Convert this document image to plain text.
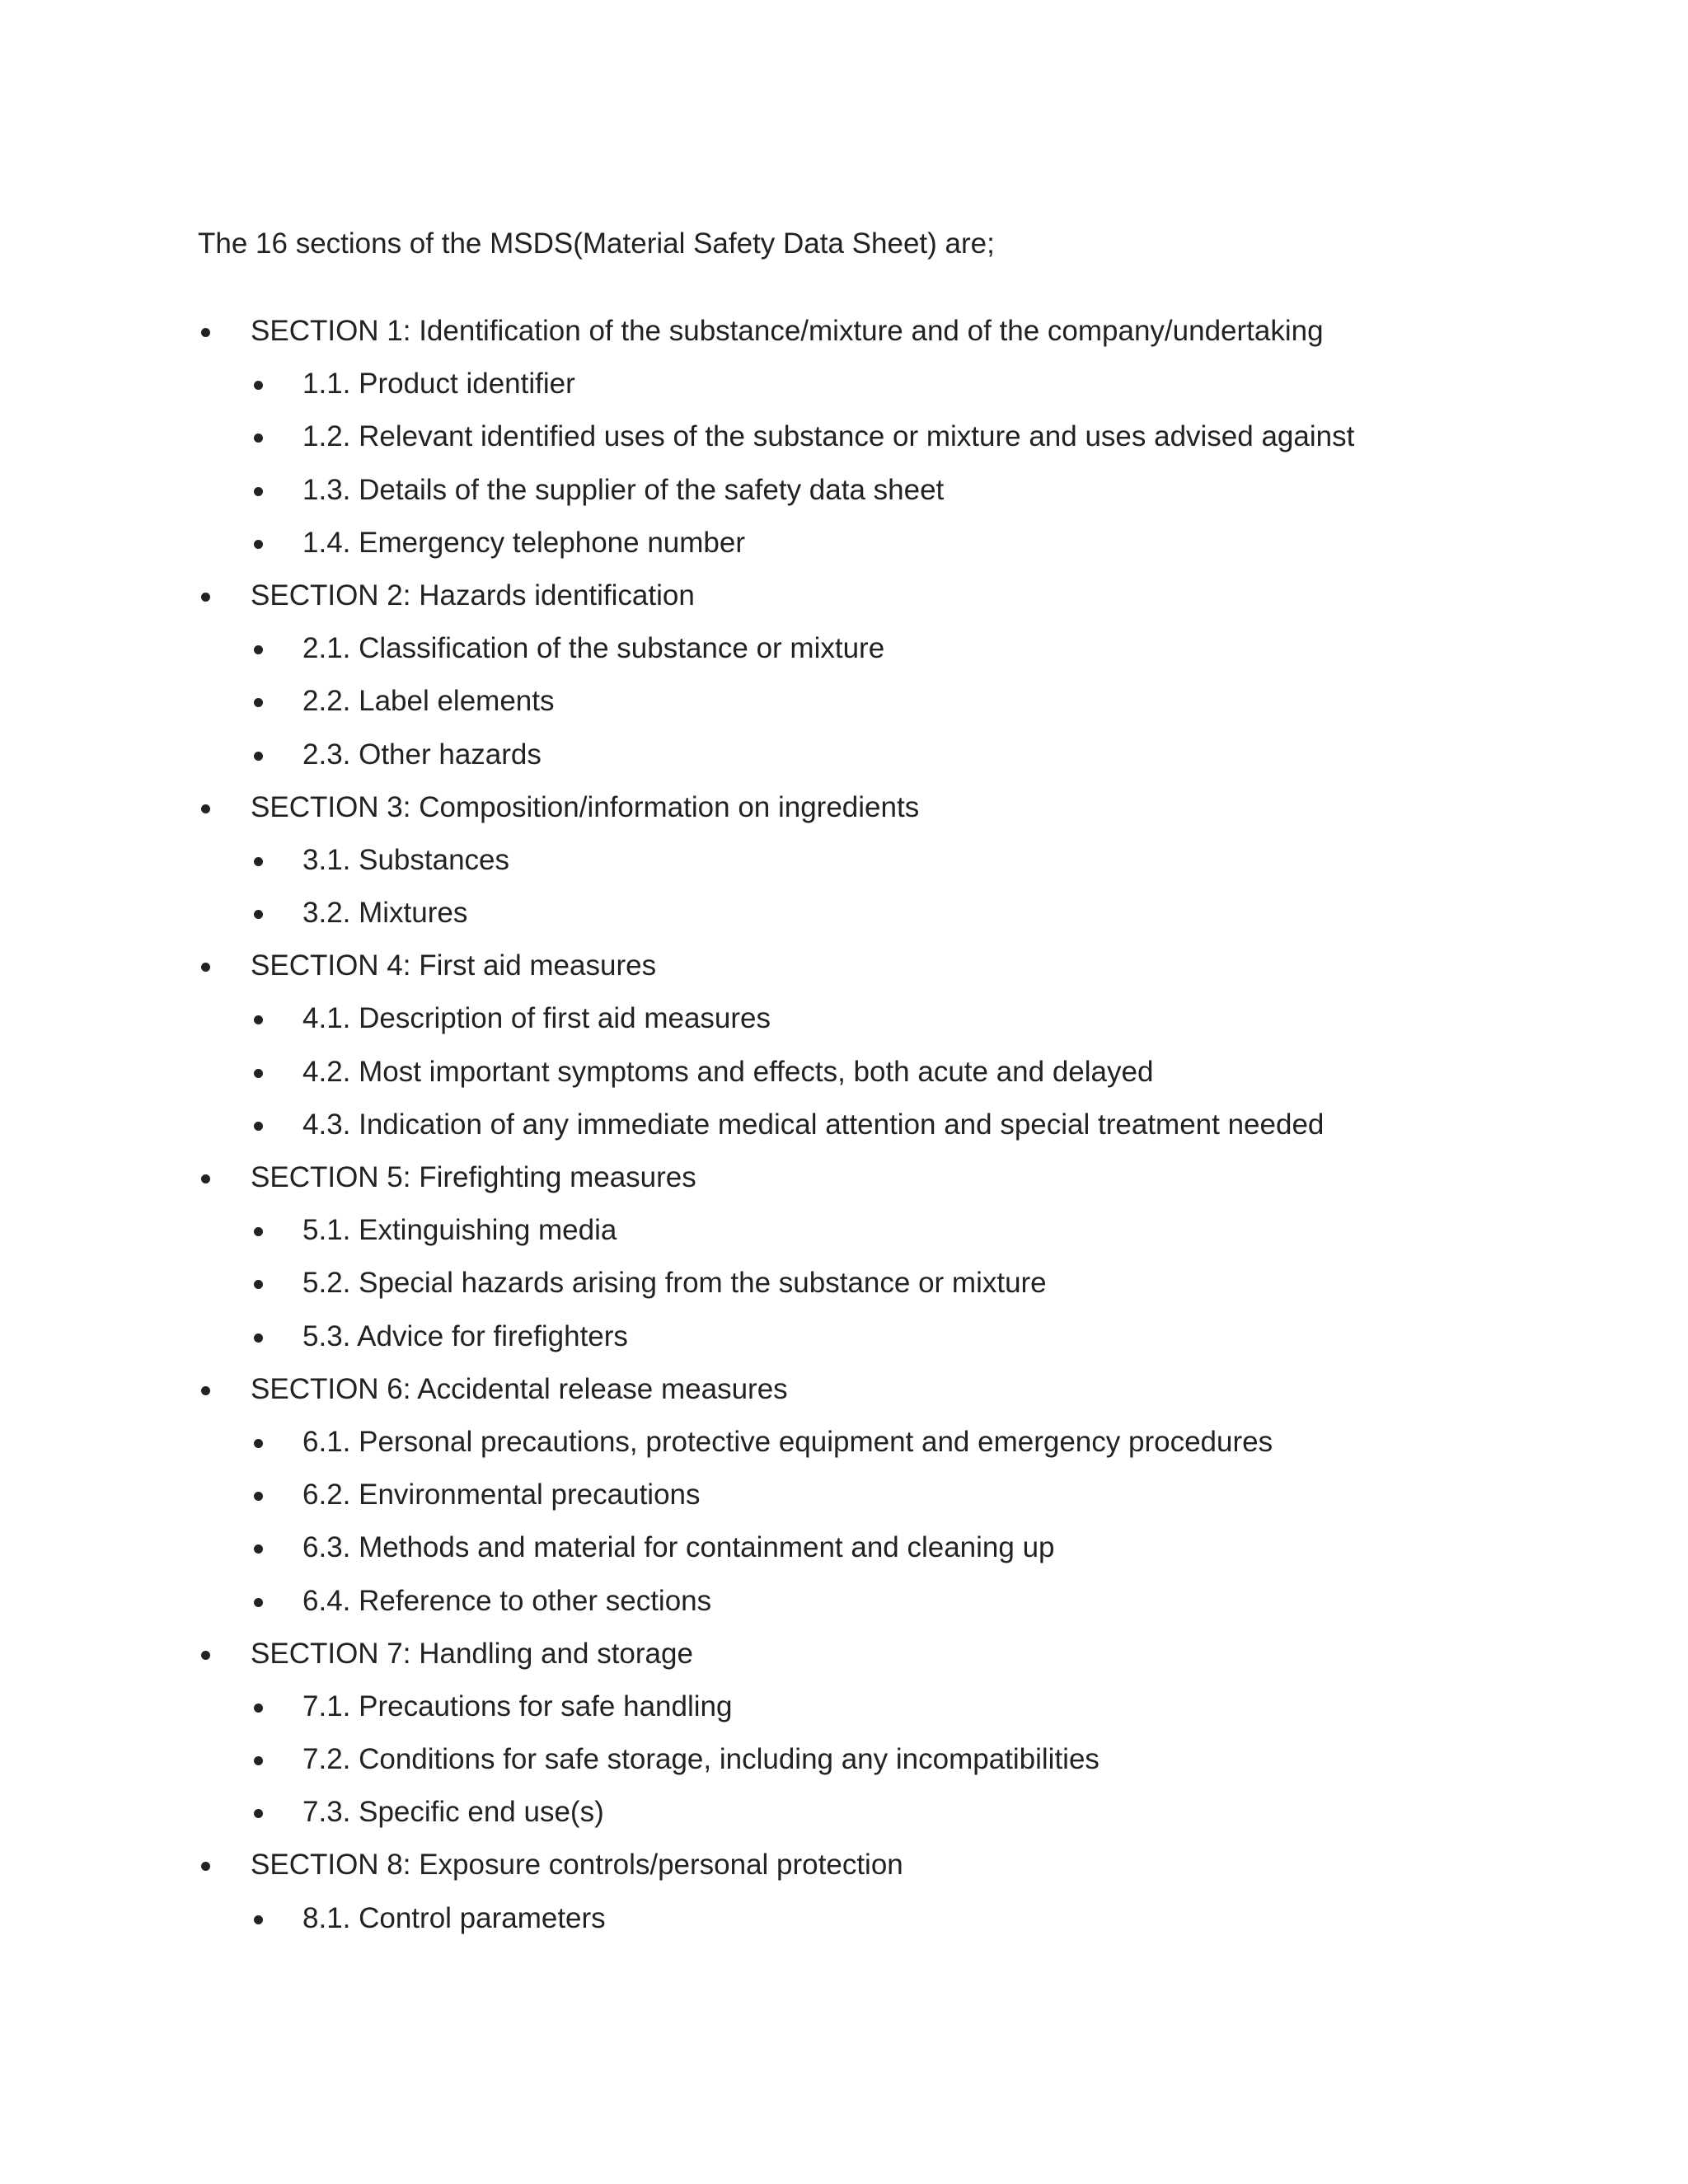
The 16 sections of the MSDS(Material Safety Data Sheet) are;
SECTION 1: Identification of the substance/mixture and of the company/undertaking
1.1. Product identifier
1.2. Relevant identified uses of the substance or mixture and uses advised against
1.3. Details of the supplier of the safety data sheet
1.4. Emergency telephone number
SECTION 2: Hazards identification
2.1. Classification of the substance or mixture
2.2. Label elements
2.3. Other hazards
SECTION 3: Composition/information on ingredients
3.1. Substances
3.2. Mixtures
SECTION 4: First aid measures
4.1. Description of first aid measures
4.2. Most important symptoms and effects, both acute and delayed
4.3. Indication of any immediate medical attention and special treatment needed
SECTION 5: Firefighting measures
5.1. Extinguishing media
5.2. Special hazards arising from the substance or mixture
5.3. Advice for firefighters
SECTION 6: Accidental release measures
6.1. Personal precautions, protective equipment and emergency procedures
6.2. Environmental precautions
6.3. Methods and material for containment and cleaning up
6.4. Reference to other sections
SECTION 7: Handling and storage
7.1. Precautions for safe handling
7.2. Conditions for safe storage, including any incompatibilities
7.3. Specific end use(s)
SECTION 8: Exposure controls/personal protection
8.1. Control parameters
